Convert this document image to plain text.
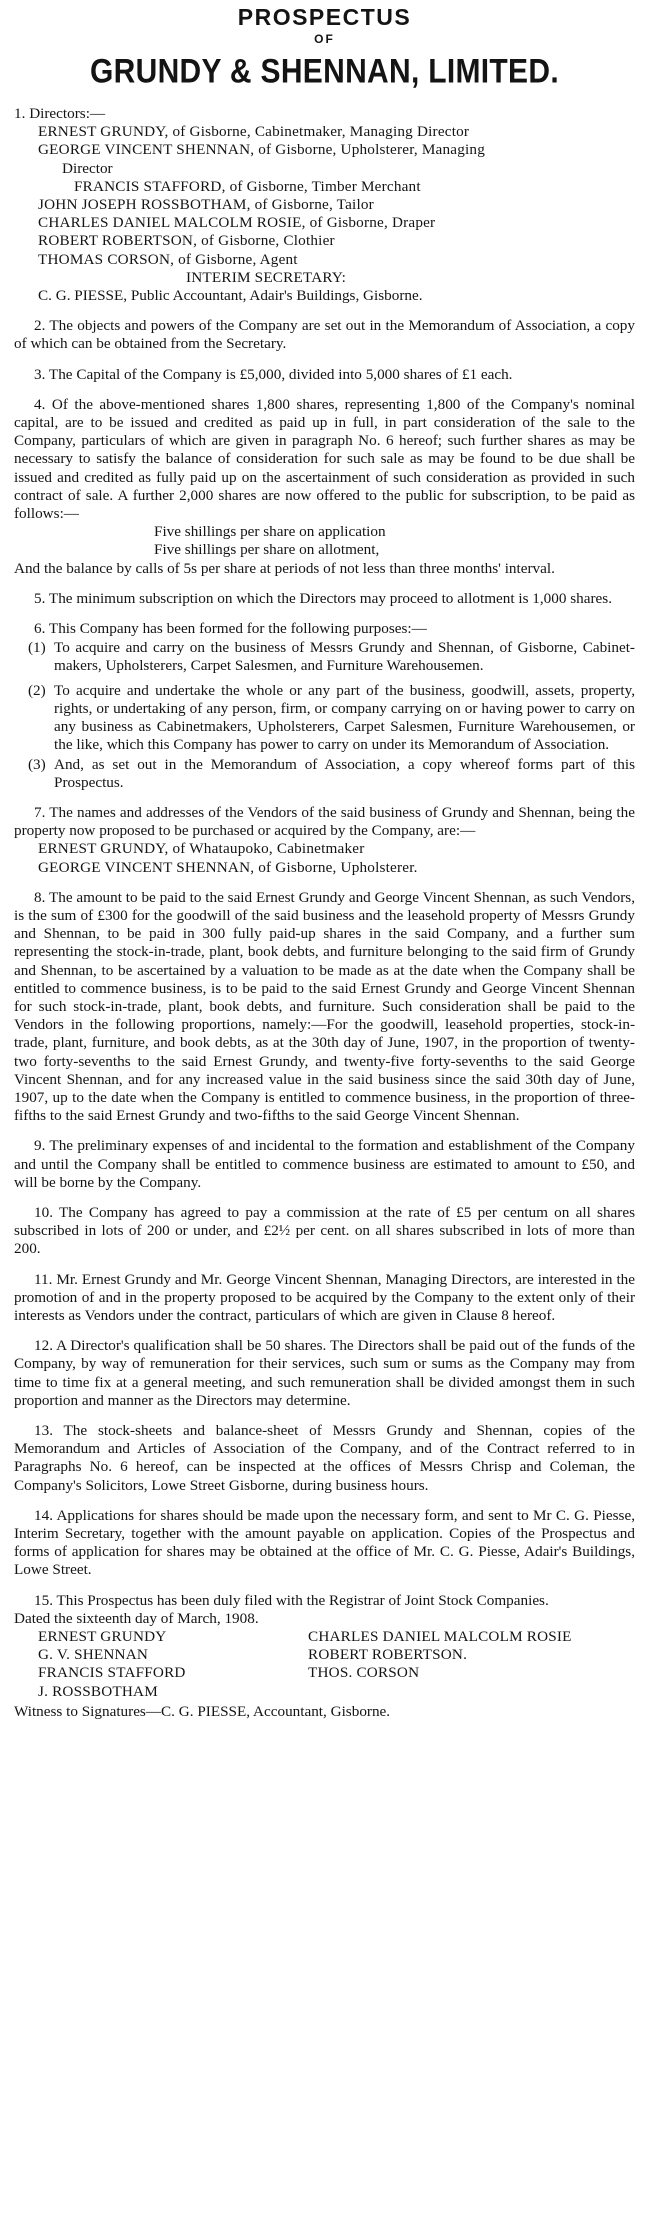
PROSPECTUS
OF
GRUNDY & SHENNAN, LIMITED.

1. Directors:—

ERNEST GRUNDY, of Gisborne, Cabinetmaker, Managing Director

GEORGE VINCENT SHENNAN, of Gisborne, Upholsterer, Managing

Director

FRANCIS STAFFORD, of Gisborne, Timber Merchant

JOHN JOSEPH ROSSBOTHAM, of Gisborne, Tailor

CHARLES DANIEL MALCOLM ROSIE, of Gisborne, Draper

ROBERT ROBERTSON, of Gisborne, Clothier

THOMAS CORSON, of Gisborne, Agent

INTERIM SECRETARY:

C. G. PIESSE, Public Accountant, Adair's Buildings, Gisborne.

2. The objects and powers of the Company are set out in the Memorandum of Association, a copy of which can be obtained from the Secretary.

3. The Capital of the Company is £5,000, divided into 5,000 shares of £1 each.

4. Of the above-mentioned shares 1,800 shares, representing 1,800 of the Company's nominal capital, are to be issued and credited as paid up in full, in part consideration of the sale to the Company, particulars of which are given in paragraph No. 6 hereof; such further shares as may be necessary to satisfy the balance of consideration for such sale as may be found to be due shall be issued and credited as fully paid up on the ascertainment of such consideration as provided in such contract of sale. A further 2,000 shares are now offered to the public for subscription, to be paid as follows:—

Five shillings per share on application

Five shillings per share on allotment,

And the balance by calls of 5s per share at periods of not less than three months' interval.

5. The minimum subscription on which the Directors may proceed to allotment is 1,000 shares.

6. This Company has been formed for the following purposes:—

(1) To acquire and carry on the business of Messrs Grundy and Shennan, of Gisborne, Cabinet-makers, Upholsterers, Carpet Salesmen, and Furniture Warehousemen.
(2) To acquire and undertake the whole or any part of the business, goodwill, assets, property, rights, or undertaking of any person, firm, or company carrying on or having power to carry on any business as Cabinetmakers, Upholsterers, Carpet Salesmen, Furniture Warehousemen, or the like, which this Company has power to carry on under its Memorandum of Association.
(3) And, as set out in the Memorandum of Association, a copy whereof forms part of this Prospectus.

7. The names and addresses of the Vendors of the said business of Grundy and Shennan, being the property now proposed to be purchased or acquired by the Company, are:—

ERNEST GRUNDY, of Whataupoko, Cabinetmaker

GEORGE VINCENT SHENNAN, of Gisborne, Upholsterer.

8. The amount to be paid to the said Ernest Grundy and George Vincent Shennan, as such Vendors, is the sum of £300 for the goodwill of the said business and the leasehold property of Messrs Grundy and Shennan, to be paid in 300 fully paid-up shares in the said Company, and a further sum representing the stock-in-trade, plant, book debts, and furniture belonging to the said firm of Grundy and Shennan, to be ascertained by a valuation to be made as at the date when the Company shall be entitled to commence business, is to be paid to the said Ernest Grundy and George Vincent Shennan for such stock-in-trade, plant, book debts, and furniture. Such consideration shall be paid to the Vendors in the following proportions, namely:—For the goodwill, leasehold properties, stock-in-trade, plant, furniture, and book debts, as at the 30th day of June, 1907, in the proportion of twenty-two forty-sevenths to the said Ernest Grundy, and twenty-five forty-sevenths to the said George Vincent Shennan, and for any increased value in the said business since the said 30th day of June, 1907, up to the date when the Company is entitled to commence business, in the proportion of three-fifths to the said Ernest Grundy and two-fifths to the said George Vincent Shennan.

9. The preliminary expenses of and incidental to the formation and establishment of the Company and until the Company shall be entitled to commence business are estimated to amount to £50, and will be borne by the Company.

10. The Company has agreed to pay a commission at the rate of £5 per centum on all shares subscribed in lots of 200 or under, and £2½ per cent. on all shares subscribed in lots of more than 200.

11. Mr. Ernest Grundy and Mr. George Vincent Shennan, Managing Directors, are interested in the promotion of and in the property proposed to be acquired by the Company to the extent only of their interests as Vendors under the contract, particulars of which are given in Clause 8 hereof.

12. A Director's qualification shall be 50 shares. The Directors shall be paid out of the funds of the Company, by way of remuneration for their services, such sum or sums as the Company may from time to time fix at a general meeting, and such remuneration shall be divided amongst them in such proportion and manner as the Directors may determine.

13. The stock-sheets and balance-sheet of Messrs Grundy and Shennan, copies of the Memorandum and Articles of Association of the Company, and of the Contract referred to in Paragraphs No. 6 hereof, can be inspected at the offices of Messrs Chrisp and Coleman, the Company's Solicitors, Lowe Street Gisborne, during business hours.

14. Applications for shares should be made upon the necessary form, and sent to Mr C. G. Piesse, Interim Secretary, together with the amount payable on application. Copies of the Prospectus and forms of application for shares may be obtained at the office of Mr. C. G. Piesse, Adair's Buildings, Lowe Street.

15. This Prospectus has been duly filed with the Registrar of Joint Stock Companies.

Dated the sixteenth day of March, 1908.

ERNEST GRUNDY	CHARLES DANIEL MALCOLM ROSIE
G. V. SHENNAN	ROBERT ROBERTSON.
FRANCIS STAFFORD	THOS. CORSON
J. ROSSBOTHAM

Witness to Signatures—C. G. PIESSE, Accountant, Gisborne.
